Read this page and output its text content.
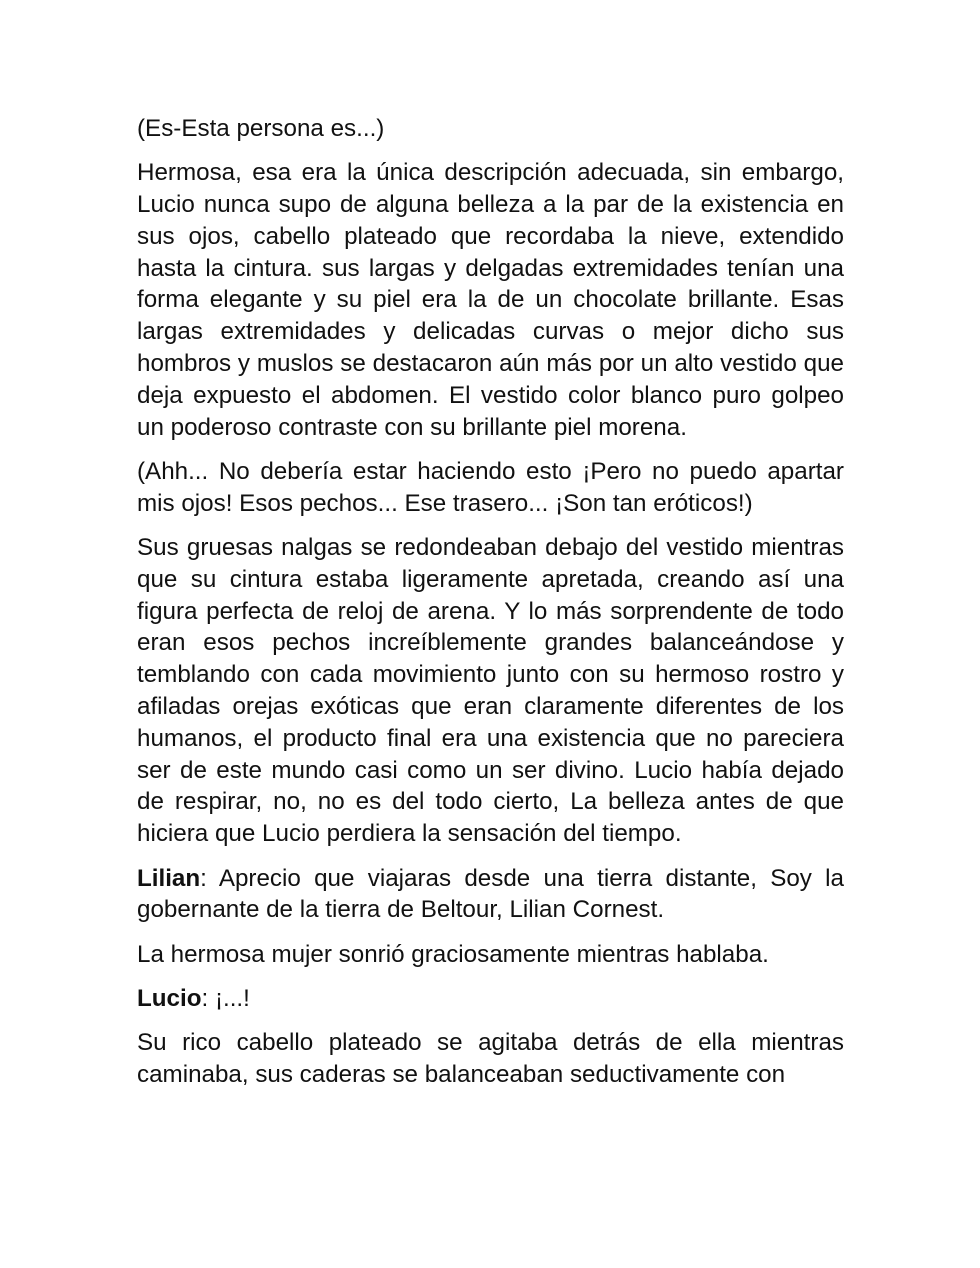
(Es-Esta persona es...)

Hermosa, esa era la única descripción adecuada, sin embargo, Lucio nunca supo de alguna belleza a la par de la existencia en sus ojos, cabello plateado que recordaba la nieve, extendido hasta la cintura. sus largas y delgadas extremidades tenían una forma elegante y su piel era la de un chocolate brillante. Esas largas extremidades y delicadas curvas o mejor dicho sus hombros y muslos se destacaron aún más por un alto vestido que deja expuesto el abdomen. El vestido color blanco puro golpeo un poderoso contraste con su brillante piel morena.

(Ahh... No debería estar haciendo esto ¡Pero no puedo apartar mis ojos! Esos pechos... Ese trasero... ¡Son tan eróticos!)

Sus gruesas nalgas se redondeaban debajo del vestido mientras que su cintura estaba ligeramente apretada, creando así una figura perfecta de reloj de arena. Y lo más sorprendente de todo eran esos pechos increíblemente grandes balanceándose y temblando con cada movimiento junto con su hermoso rostro y afiladas orejas exóticas que eran claramente diferentes de los humanos, el producto final era una existencia que no pareciera ser de este mundo casi como un ser divino. Lucio había dejado de respirar, no, no es del todo cierto, La belleza antes de que hiciera que Lucio perdiera la sensación del tiempo.

Lilian: Aprecio que viajaras desde una tierra distante, Soy la gobernante de la tierra de Beltour, Lilian Cornest.

La hermosa mujer sonrió graciosamente mientras hablaba.

Lucio: ¡...!

Su rico cabello plateado se agitaba detrás de ella mientras caminaba, sus caderas se balanceaban seductivamente con
